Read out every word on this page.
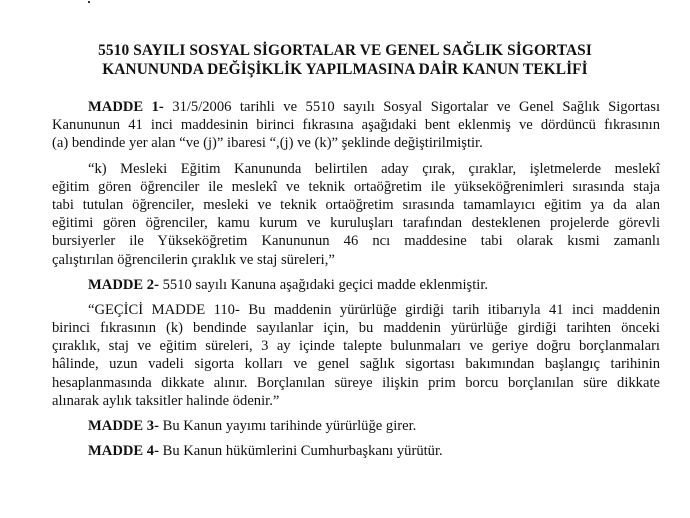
5510 SAYILI SOSYAL SİGORTALAR VE GENEL SAĞLIK SİGORTASI
KANUNUNDA DEĞİŞİKLİK YAPILMASINA DAİR KANUN TEKLİFİ
MADDE 1- 31/5/2006 tarihli ve 5510 sayılı Sosyal Sigortalar ve Genel Sağlık Sigortası
Kanununun 41 inci maddesinin birinci fıkrasına aşağıdaki bent eklenmiş ve dördüncü fıkrasının
(a) bendinde yer alan “ve (j)” ibaresi “,(j) ve (k)” şeklinde değiştirilmiştir.
“k) Mesleki Eğitim Kanununda belirtilen aday çırak, çıraklar, işletmelerde meslekî
eğitim gören öğrenciler ile meslekî ve teknik ortaöğretim ile yükseköğrenimleri sırasında staja
tabi tutulan öğrenciler, mesleki ve teknik ortaöğretim sırasında tamamlayıcı eğitim ya da alan
eğitimi gören öğrenciler, kamu kurum ve kuruluşları tarafından desteklenen projelerde görevli
bursiyerler ile Yükseköğretim Kanununun 46 ncı maddesine tabi olarak kısmi zamanlı
çalıştırılan öğrencilerin çıraklık ve staj süreleri,”
MADDE 2- 5510 sayılı Kanuna aşağıdaki geçici madde eklenmiştir.
“GEÇİCİ MADDE 110- Bu maddenin yürürlüğe girdiği tarih itibarıyla 41 inci maddenin
birinci fıkrasının (k) bendinde sayılanlar için, bu maddenin yürürlüğe girdiği tarihten önceki
çıraklık, staj ve eğitim süreleri, 3 ay içinde talepte bulunmaları ve geriye doğru borçlanmaları
hâlinde, uzun vadeli sigorta kolları ve genel sağlık sigortası bakımından başlangıç tarihinin
hesaplanmasında dikkate alınır. Borçlanılan süreye ilişkin prim borcu borçlanılan süre dikkate
alınarak aylık taksitler halinde ödenir.”
MADDE 3- Bu Kanun yayımı tarihinde yürürlüğe girer.
MADDE 4- Bu Kanun hükümlerini Cumhurbaşkanı yürütür.
